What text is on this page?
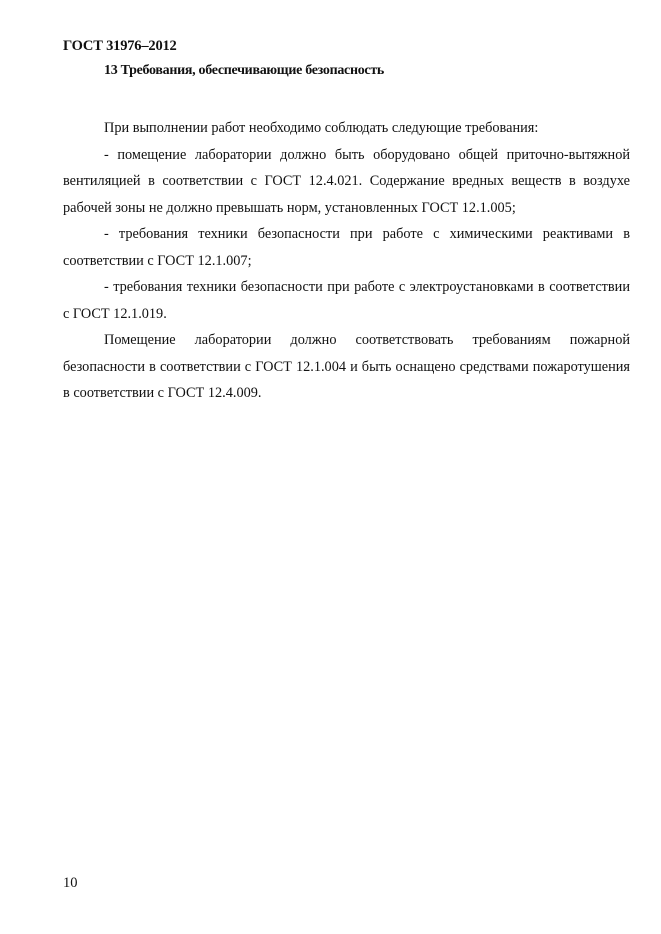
ГОСТ 31976–2012
13 Требования, обеспечивающие безопасность

При выполнении работ необходимо соблюдать следующие требования:

- помещение лаборатории должно быть оборудовано общей приточно-вытяжной вентиляцией в соответствии с ГОСТ 12.4.021. Содержание вредных веществ в воздухе рабочей зоны не должно превышать норм, установленных ГОСТ 12.1.005;

- требования техники безопасности при работе с химическими реактивами в соответствии с ГОСТ 12.1.007;

- требования техники безопасности при работе с электроустановками в соответствии с ГОСТ 12.1.019.

Помещение лаборатории должно соответствовать требованиям пожарной безопасности в соответствии с ГОСТ 12.1.004 и быть оснащено средствами пожаротушения в соответствии с ГОСТ 12.4.009.

10
